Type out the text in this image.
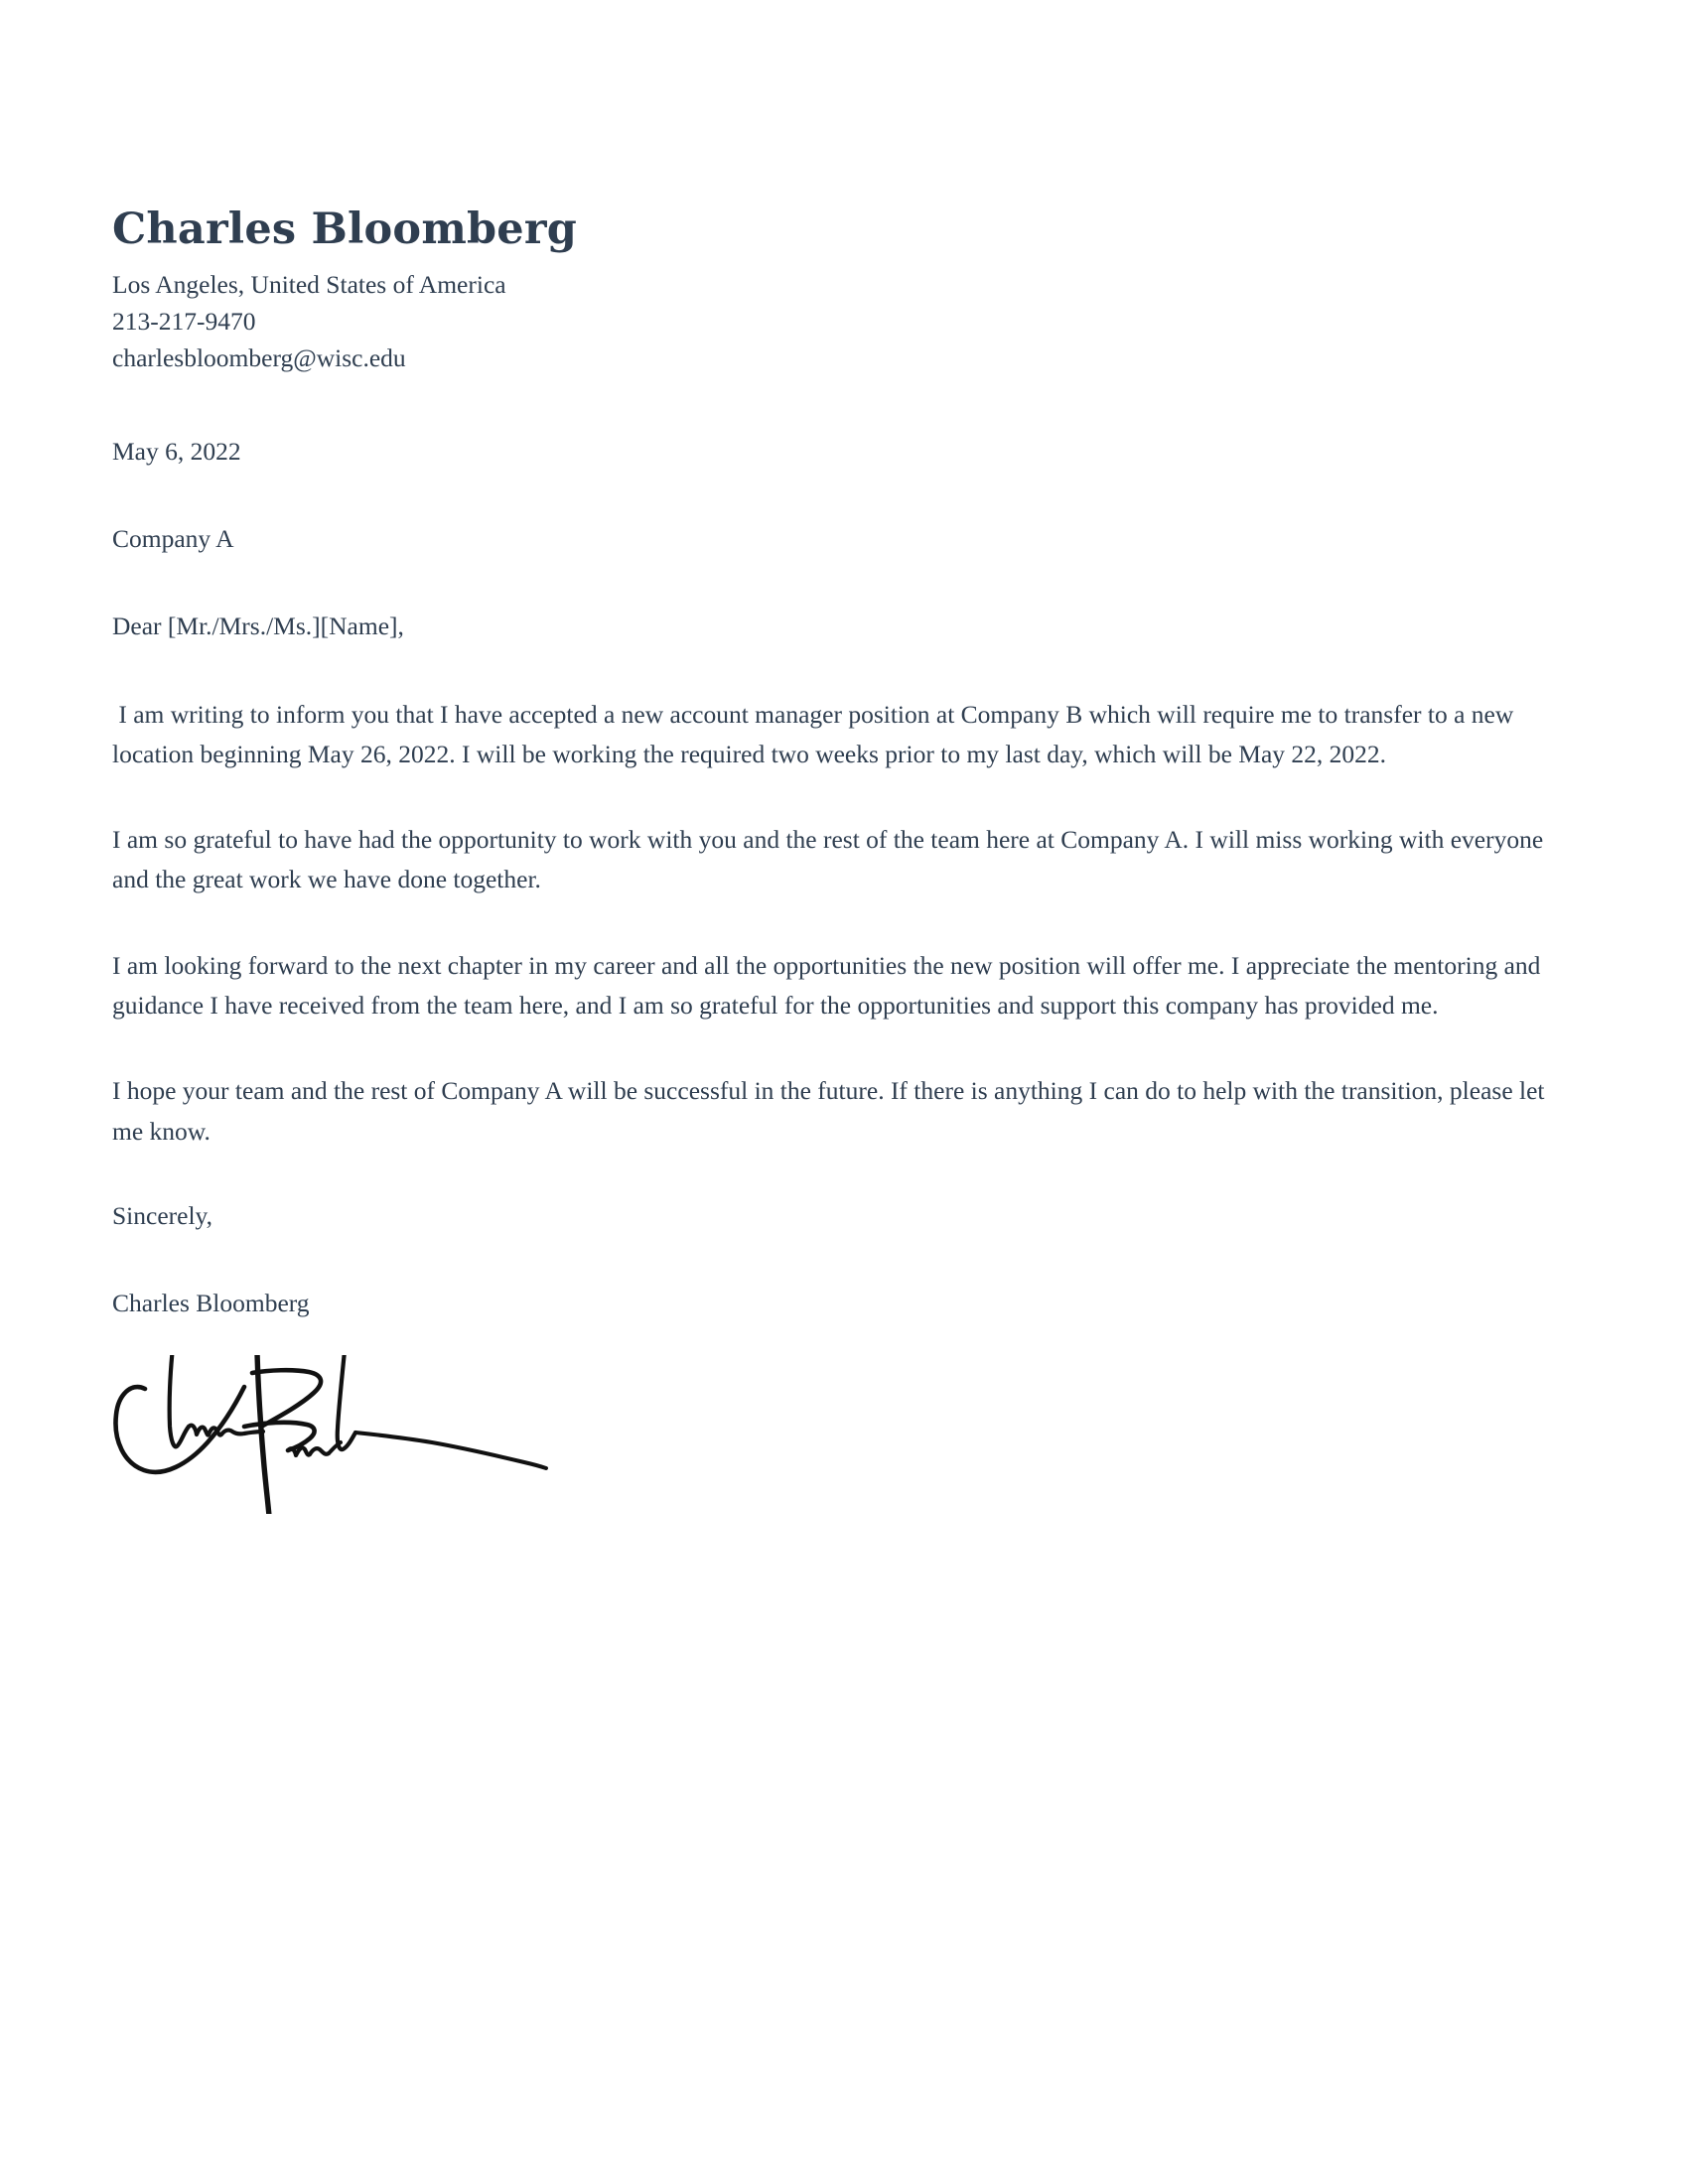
Charles Bloomberg

Los Angeles, United States of America

213-217-9470

charlesbloomberg@wisc.edu

May 6, 2022

Company A

Dear [Mr./Mrs./Ms.][Name],

I am writing to inform you that I have accepted a new account manager position at Company B which will require me to transfer to a new location beginning May 26, 2022. I will be working the required two weeks prior to my last day, which will be May 22, 2022.

I am so grateful to have had the opportunity to work with you and the rest of the team here at Company A. I will miss working with everyone and the great work we have done together.

I am looking forward to the next chapter in my career and all the opportunities the new position will offer me. I appreciate the mentoring and guidance I have received from the team here, and I am so grateful for the opportunities and support this company has provided me.

I hope your team and the rest of Company A will be successful in the future. If there is anything I can do to help with the transition, please let me know.

Sincerely,

Charles Bloomberg
